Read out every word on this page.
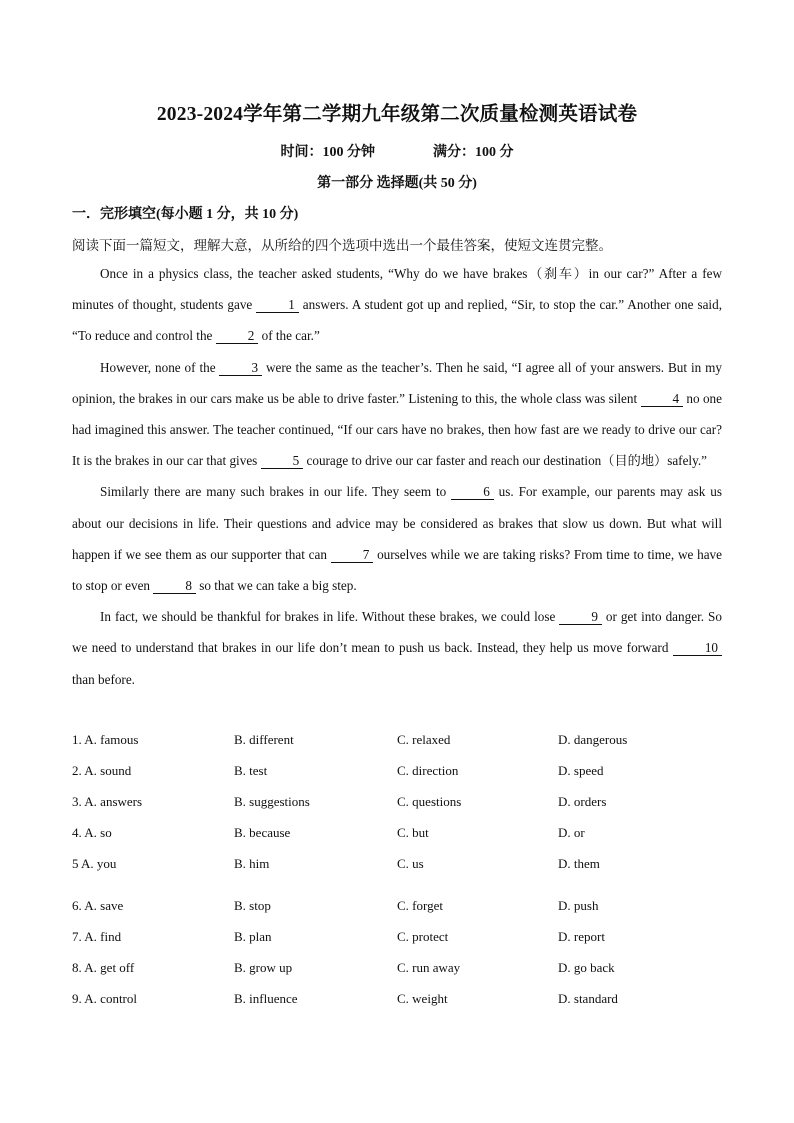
2023-2024学年第二学期九年级第二次质量检测英语试卷
时间：100 分钟	满分：100 分
第一部分 选择题(共 50 分)
一．完形填空(每小题 1 分，共 10 分)
阅读下面一篇短文，理解大意，从所给的四个选项中选出一个最佳答案，使短文连贯完整。

Once in a physics class, the teacher asked students, “Why do we have brakes（刹车）in our car?” After a few minutes of thought, students gave 1 answers. A student got up and replied, “Sir, to stop the car.” Another one said, “To reduce and control the 2 of the car.”

However, none of the 3 were the same as the teacher’s. Then he said, “I agree all of your answers. But in my opinion, the brakes in our cars make us be able to drive faster.” Listening to this, the whole class was silent 4 no one had imagined this answer. The teacher continued, “If our cars have no brakes, then how fast are we ready to drive our car? It is the brakes in our car that gives 5 courage to drive our car faster and reach our destination（目的地）safely.”

Similarly there are many such brakes in our life. They seem to 6 us. For example, our parents may ask us about our decisions in life. Their questions and advice may be considered as brakes that slow us down. But what will happen if we see them as our supporter that can 7 ourselves while we are taking risks? From time to time, we have to stop or even 8 so that we can take a big step.

In fact, we should be thankful for brakes in life. Without these brakes, we could lose 9 or get into danger. So we need to understand that brakes in our life don’t mean to push us back. Instead, they help us move forward 10 than before.

1. A. famous	B. different	C. relaxed	D. dangerous
2. A. sound	B. test	C. direction	D. speed
3. A. answers	B. suggestions	C. questions	D. orders
4. A. so	B. because	C. but	D. or
5 A. you	B. him	C. us	D. them
6. A. save	B. stop	C. forget	D. push
7. A. find	B. plan	C. protect	D. report
8. A. get off	B. grow up	C. run away	D. go back
9. A. control	B. influence	C. weight	D. standard
